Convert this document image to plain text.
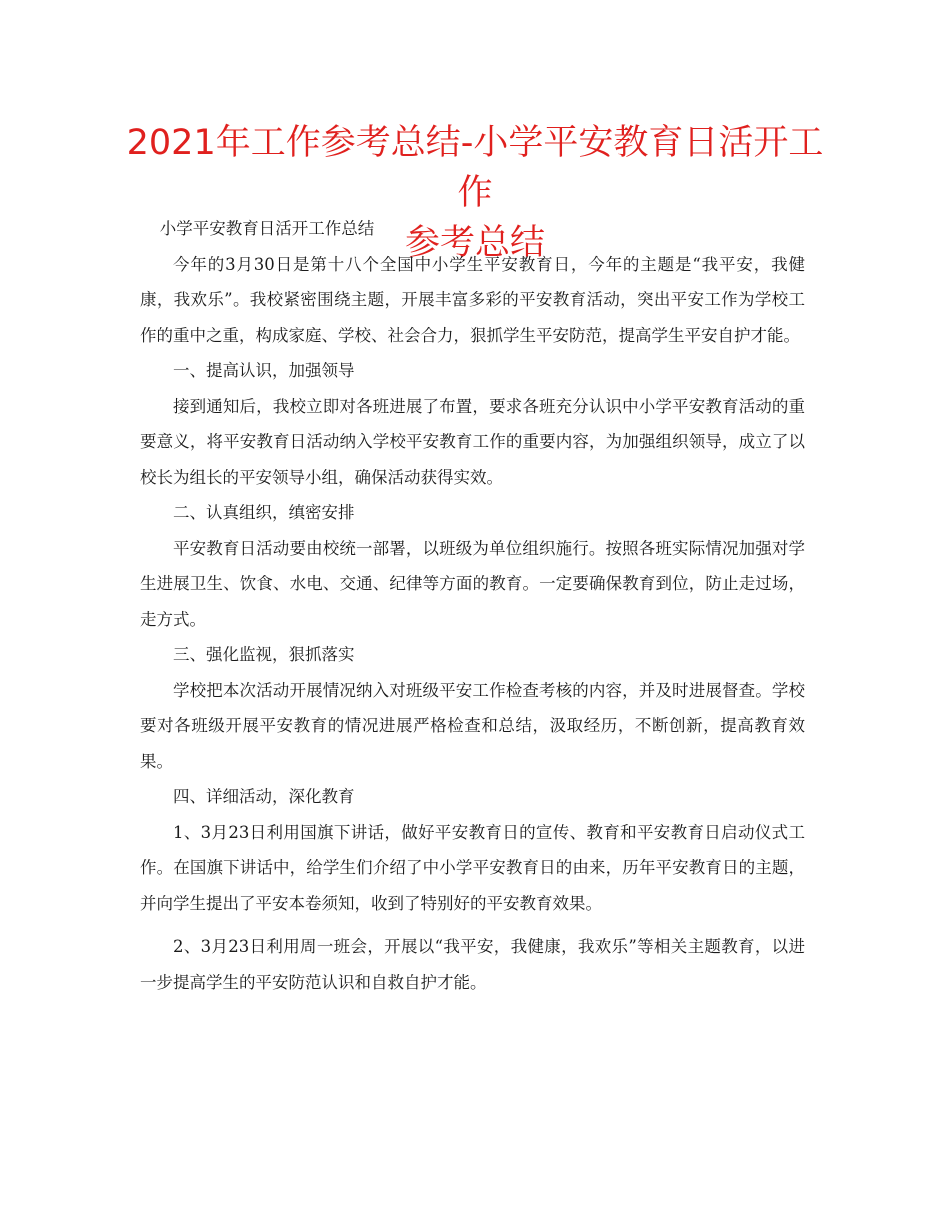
2021年工作参考总结-小学平安教育日活开工作
参考总结

小学平安教育日活开工作总结

今年的3月30日是第十八个全国中小学生平安教育日，今年的主题是“我平安，我健康，我欢乐”。我校紧密围绕主题，开展丰富多彩的平安教育活动，突出平安工作为学校工作的重中之重，构成家庭、学校、社会合力，狠抓学生平安防范，提高学生平安自护才能。

一、提高认识，加强领导

接到通知后，我校立即对各班进展了布置，要求各班充分认识中小学平安教育活动的重要意义，将平安教育日活动纳入学校平安教育工作的重要内容，为加强组织领导，成立了以校长为组长的平安领导小组，确保活动获得实效。

二、认真组织，缜密安排

平安教育日活动要由校统一部署，以班级为单位组织施行。按照各班实际情况加强对学生进展卫生、饮食、水电、交通、纪律等方面的教育。一定要确保教育到位，防止走过场，走方式。

三、强化监视，狠抓落实

学校把本次活动开展情况纳入对班级平安工作检查考核的内容，并及时进展督查。学校要对各班级开展平安教育的情况进展严格检查和总结，汲取经历，不断创新，提高教育效果。

四、详细活动，深化教育

1、3月23日利用国旗下讲话，做好平安教育日的宣传、教育和平安教育日启动仪式工作。在国旗下讲话中，给学生们介绍了中小学平安教育日的由来，历年平安教育日的主题，并向学生提出了平安本卷须知，收到了特别好的平安教育效果。

2、3月23日利用周一班会，开展以“我平安，我健康，我欢乐”等相关主题教育，以进一步提高学生的平安防范认识和自救自护才能。
